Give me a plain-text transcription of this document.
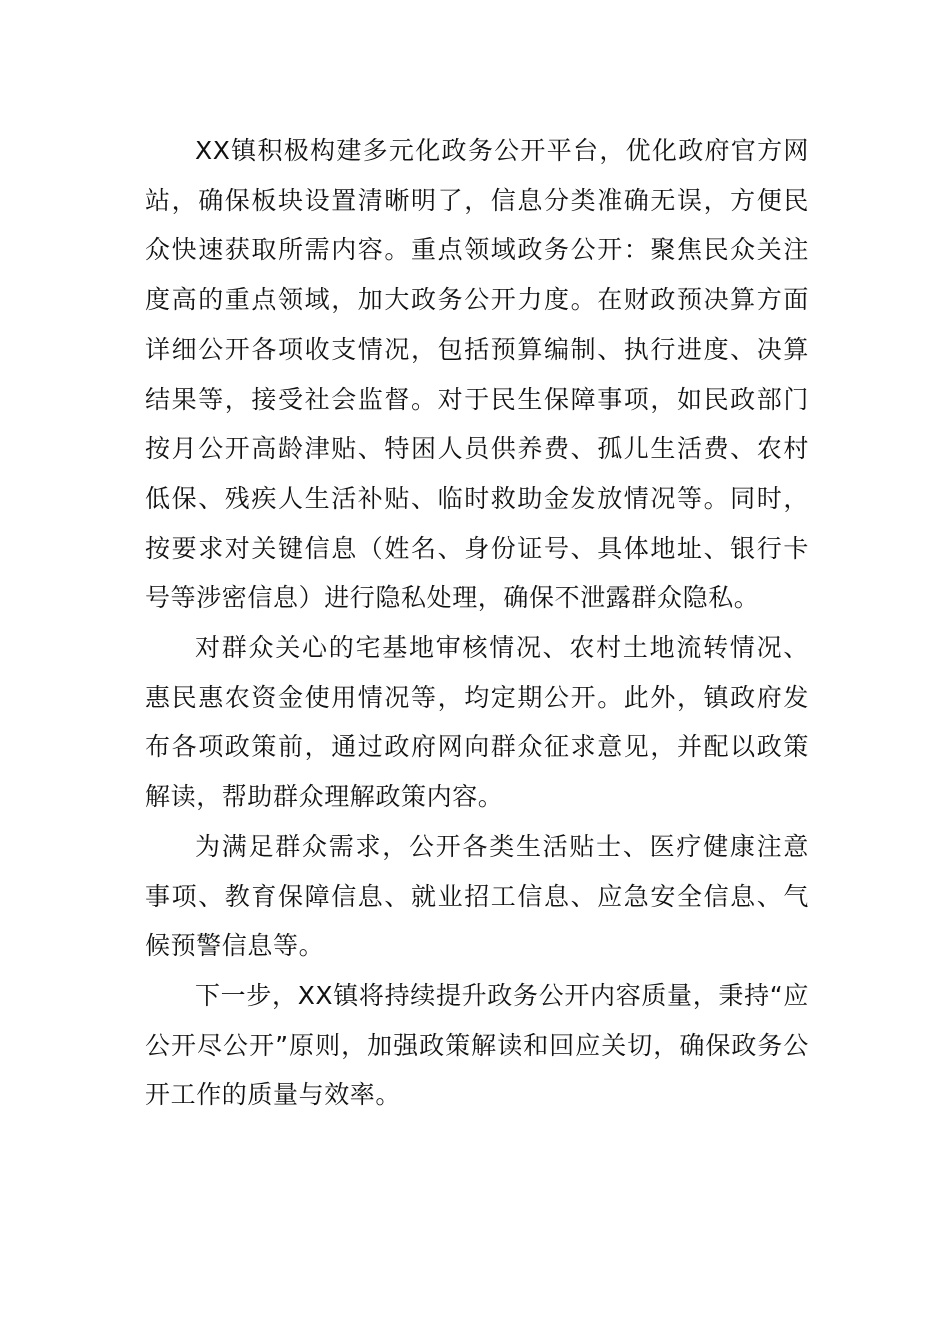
XX镇积极构建多元化政务公开平台，优化政府官方网站，确保板块设置清晰明了，信息分类准确无误，方便民众快速获取所需内容。重点领域政务公开：聚焦民众关注度高的重点领域，加大政务公开力度。在财政预决算方面详细公开各项收支情况，包括预算编制、执行进度、决算结果等，接受社会监督。对于民生保障事项，如民政部门按月公开高龄津贴、特困人员供养费、孤儿生活费、农村低保、残疾人生活补贴、临时救助金发放情况等。同时，按要求对关键信息（姓名、身份证号、具体地址、银行卡号等涉密信息）进行隐私处理，确保不泄露群众隐私。

对群众关心的宅基地审核情况、农村土地流转情况、惠民惠农资金使用情况等，均定期公开。此外，镇政府发布各项政策前，通过政府网向群众征求意见，并配以政策解读，帮助群众理解政策内容。

为满足群众需求，公开各类生活贴士、医疗健康注意事项、教育保障信息、就业招工信息、应急安全信息、气候预警信息等。

下一步，XX镇将持续提升政务公开内容质量，秉持“应公开尽公开”原则，加强政策解读和回应关切，确保政务公开工作的质量与效率。
